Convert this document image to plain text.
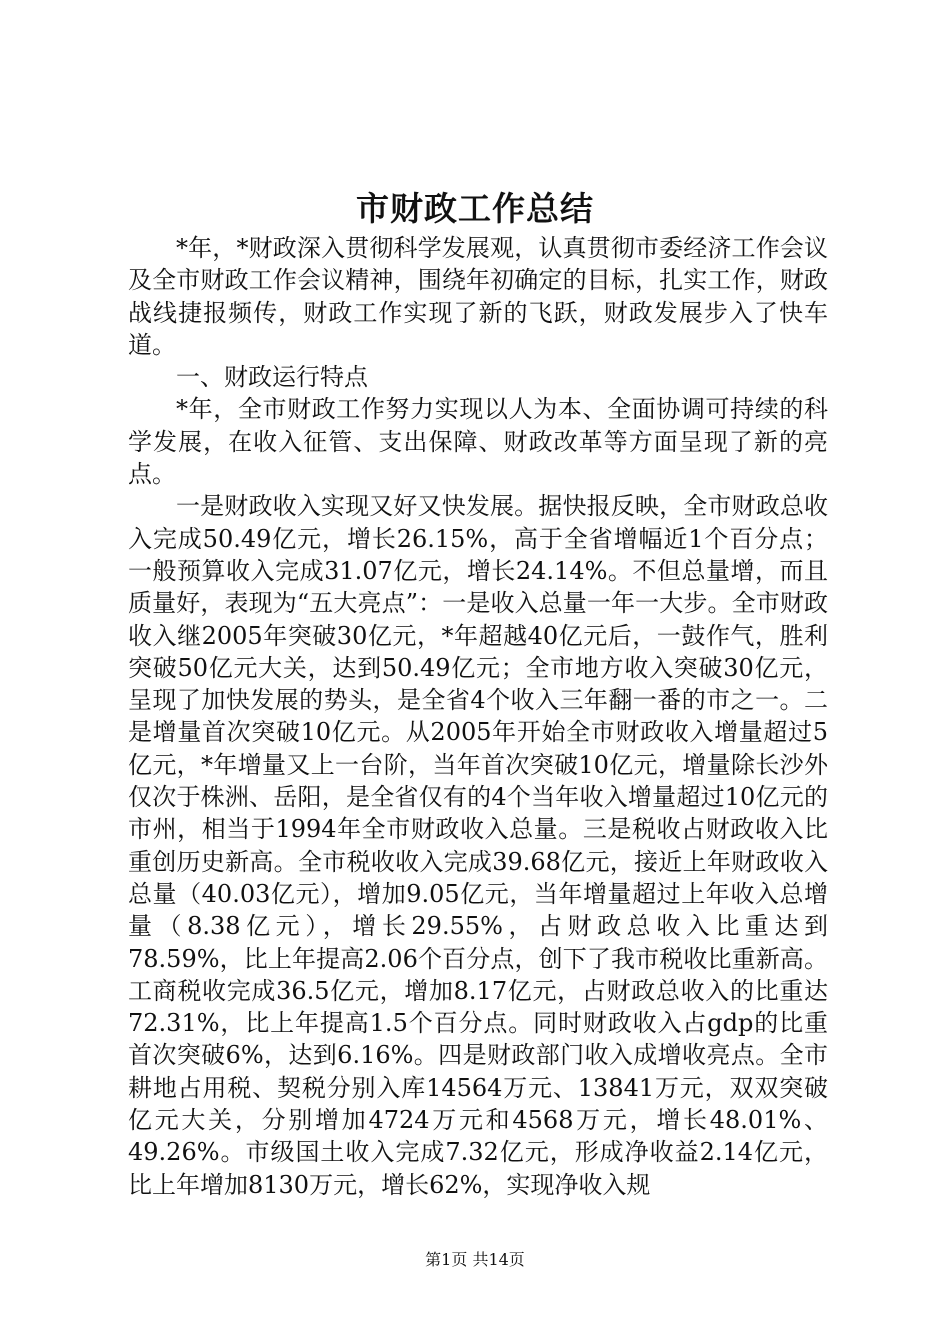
市财政工作总结

*年，*财政深入贯彻科学发展观，认真贯彻市委经济工作会议及全市财政工作会议精神，围绕年初确定的目标，扎实工作，财政战线捷报频传，财政工作实现了新的飞跃，财政发展步入了快车道。

一、财政运行特点

*年，全市财政工作努力实现以人为本、全面协调可持续的科学发展，在收入征管、支出保障、财政改革等方面呈现了新的亮点。

一是财政收入实现又好又快发展。据快报反映，全市财政总收入完成50.49亿元，增长26.15%，高于全省增幅近1个百分点；一般预算收入完成31.07亿元，增长24.14%。不但总量增，而且质量好，表现为“五大亮点”：一是收入总量一年一大步。全市财政收入继2005年突破30亿元，*年超越40亿元后，一鼓作气，胜利突破50亿元大关，达到50.49亿元；全市地方收入突破30亿元，呈现了加快发展的势头，是全省4个收入三年翻一番的市之一。二是增量首次突破10亿元。从2005年开始全市财政收入增量超过5亿元，*年增量又上一台阶，当年首次突破10亿元，增量除长沙外仅次于株洲、岳阳，是全省仅有的4个当年收入增量超过10亿元的市州，相当于1994年全市财政收入总量。三是税收占财政收入比重创历史新高。全市税收收入完成39.68亿元，接近上年财政收入总量（40.03亿元），增加9.05亿元，当年增量超过上年收入总增量（8.38亿元），增长29.55%，占财政总收入比重达到78.59%，比上年提高2.06个百分点，创下了我市税收比重新高。工商税收完成36.5亿元，增加8.17亿元，占财政总收入的比重达72.31%，比上年提高1.5个百分点。同时财政收入占gdp的比重首次突破6%，达到6.16%。四是财政部门收入成增收亮点。全市耕地占用税、契税分别入库14564万元、13841万元，双双突破亿元大关，分别增加4724万元和4568万元，增长48.01%、49.26%。市级国土收入完成7.32亿元，形成净收益2.14亿元，比上年增加8130万元，增长62%，实现净收入规

第1页 共14页
